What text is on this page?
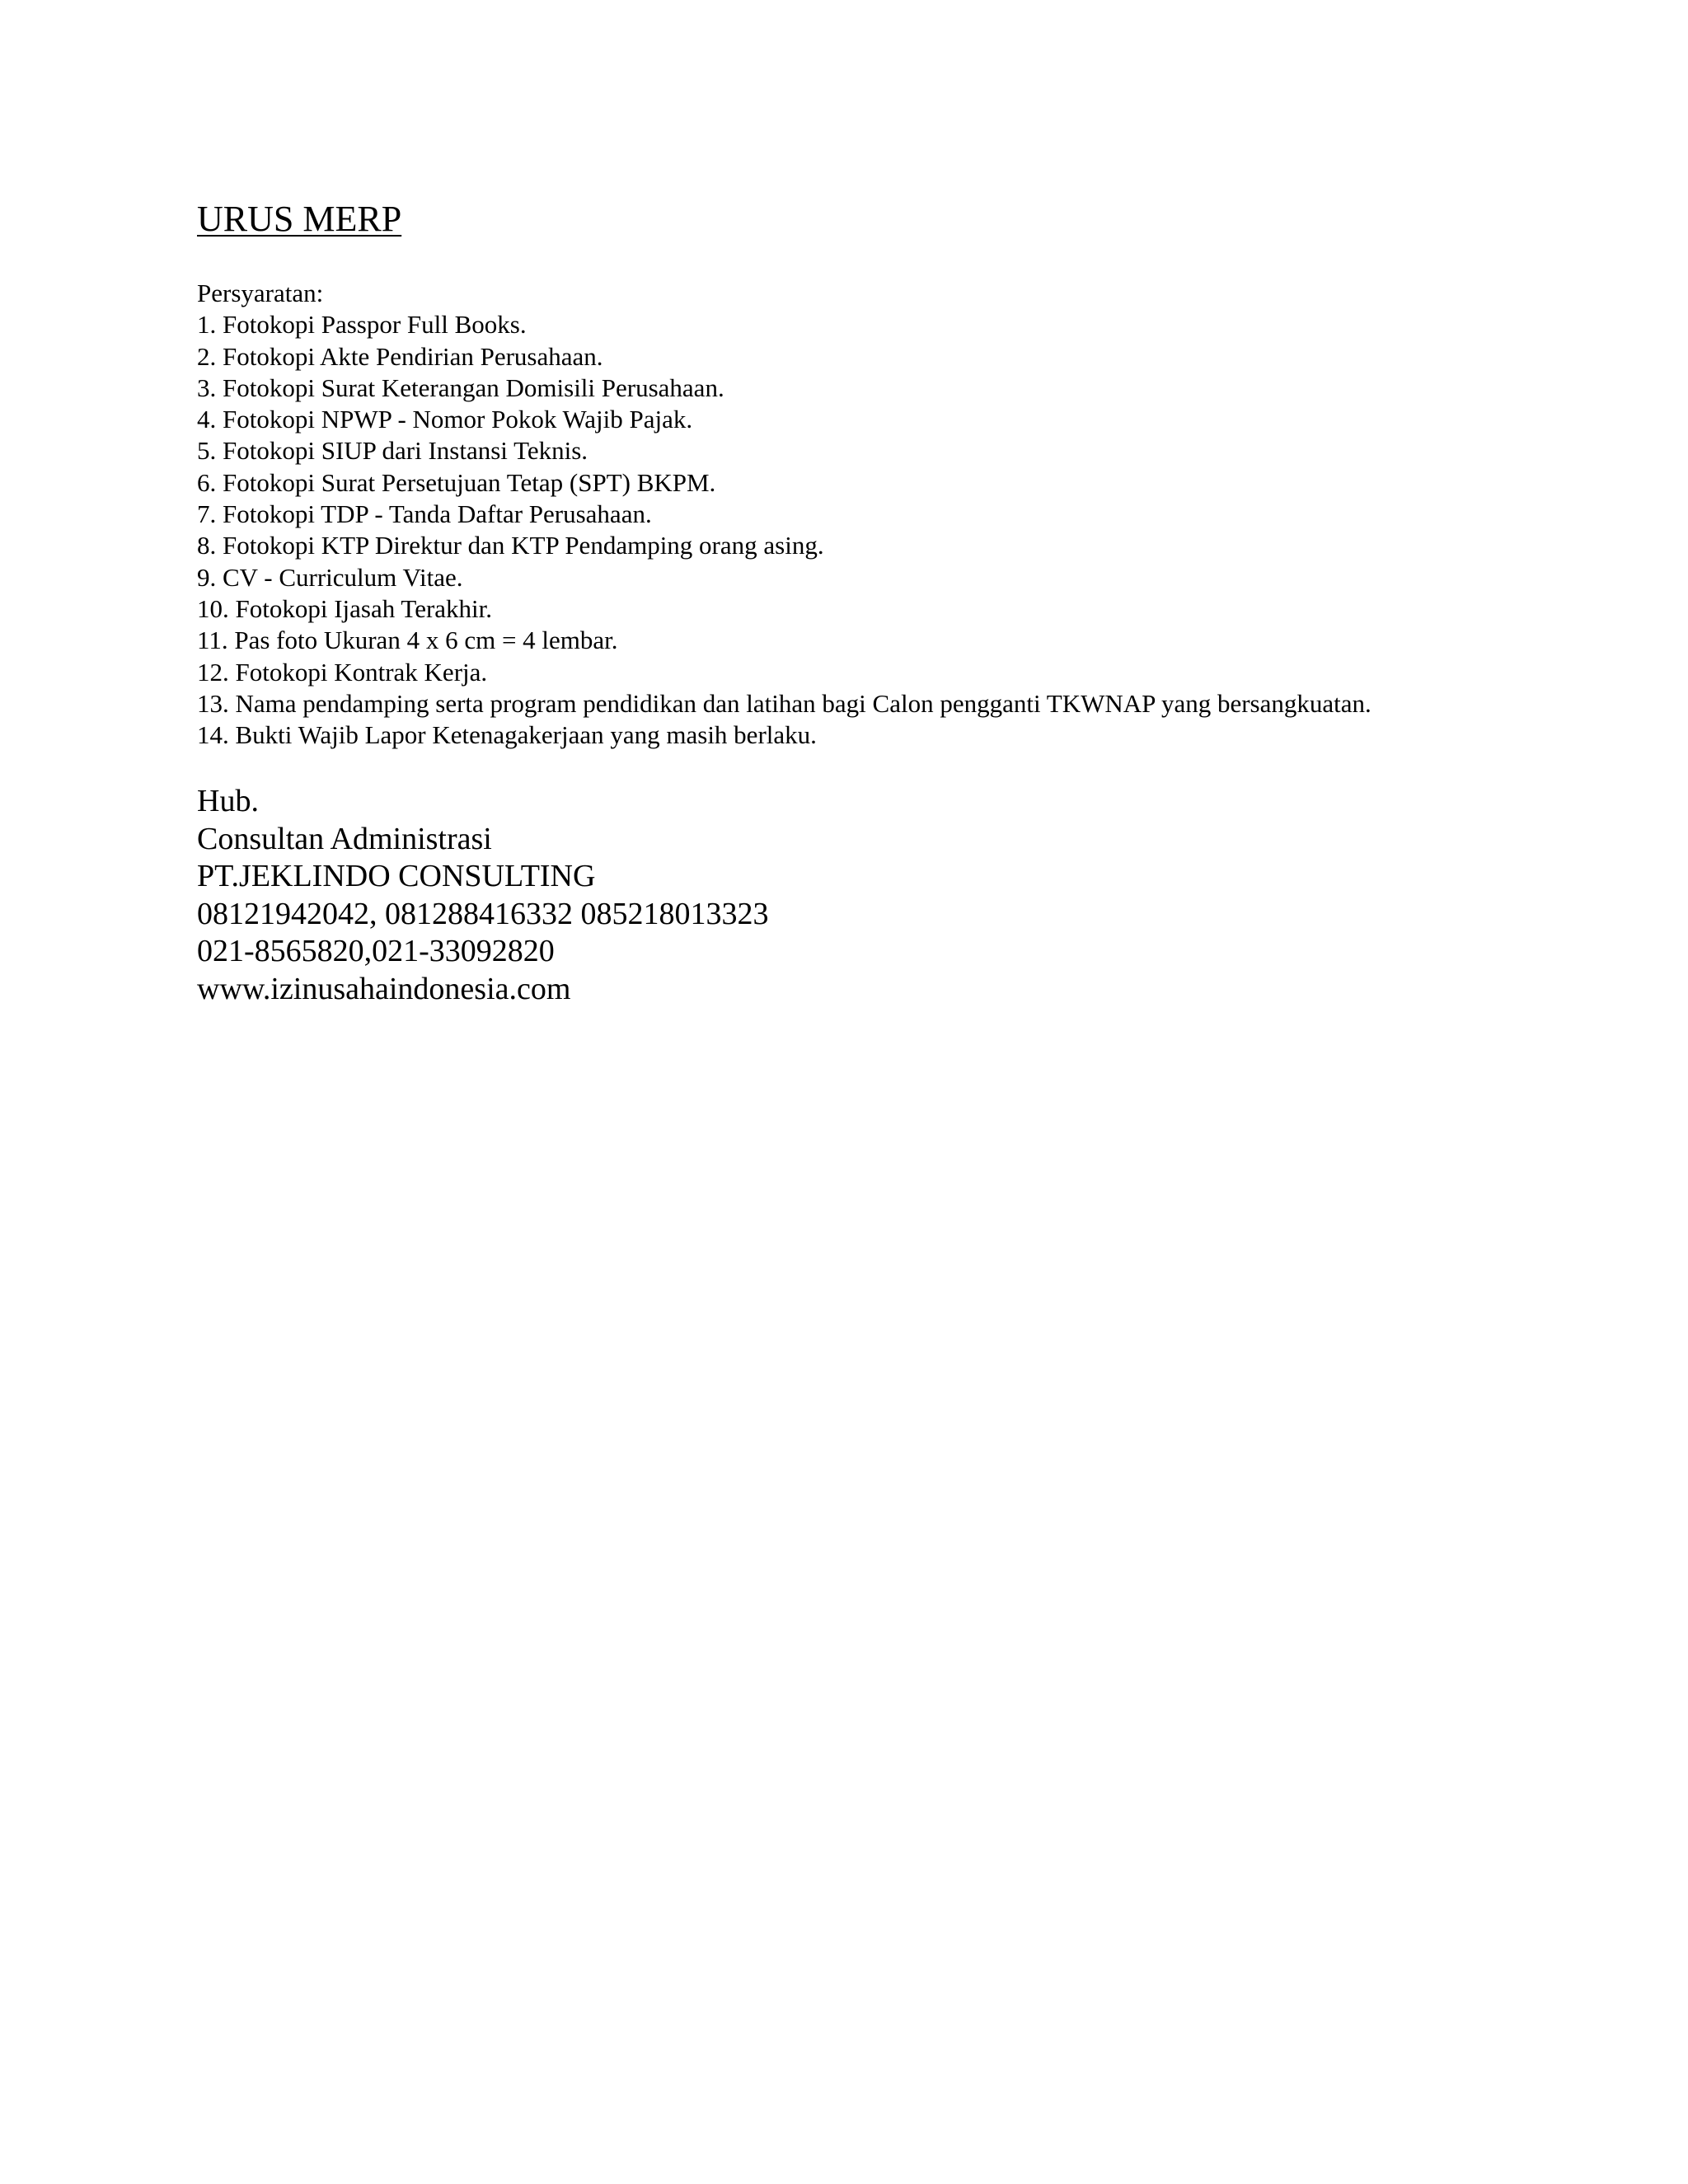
URUS MERP

Persyaratan:

1. Fotokopi Passpor Full Books.
2. Fotokopi Akte Pendirian Perusahaan.
3. Fotokopi Surat Keterangan Domisili Perusahaan.
4. Fotokopi NPWP - Nomor Pokok Wajib Pajak.
5. Fotokopi SIUP dari Instansi Teknis.
6. Fotokopi Surat Persetujuan Tetap (SPT) BKPM.
7. Fotokopi TDP - Tanda Daftar Perusahaan.
8. Fotokopi KTP Direktur dan KTP Pendamping orang asing.
9. CV - Curriculum Vitae.
10. Fotokopi Ijasah Terakhir.
11. Pas foto Ukuran 4 x 6 cm = 4 lembar.
12. Fotokopi Kontrak Kerja.
13. Nama pendamping serta program pendidikan dan latihan bagi Calon pengganti TKWNAP yang bersangkuatan.
14. Bukti Wajib Lapor Ketenagakerjaan yang masih berlaku.
Hub.
Consultan Administrasi
PT.JEKLINDO CONSULTING
08121942042, 081288416332 085218013323
021-8565820,021-33092820
www.izinusahaindonesia.com
